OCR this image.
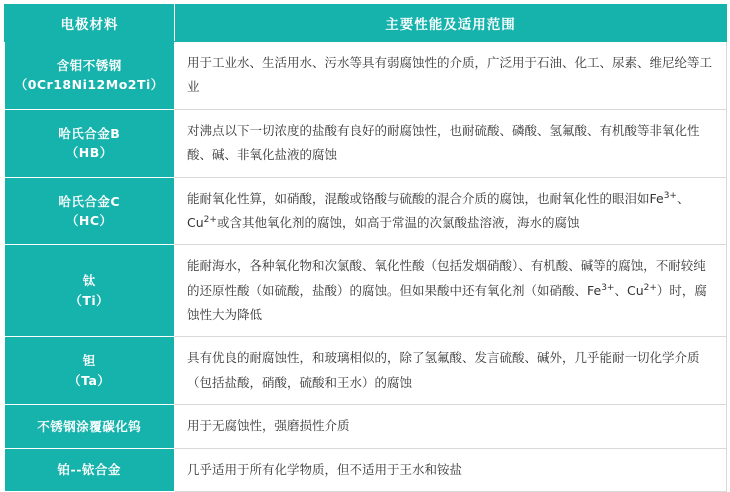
电极材料	主要性能及适用范围

含钼不锈钢
（0Cr18Ni12Mo2Ti）	用于工业水、生活用水、污水等具有弱腐蚀性的介质，广泛用于石油、化工、尿素、维尼纶等工业

哈氏合金B
（HB）	对沸点以下一切浓度的盐酸有良好的耐腐蚀性，也耐硫酸、磷酸、氢氟酸、有机酸等非氧化性酸、碱、非氧化盐液的腐蚀

哈氏合金C
（HC）	能耐氧化性算，如硝酸，混酸或铬酸与硫酸的混合介质的腐蚀，也耐氧化性的眼泪如$Fe^{3+}$、$Cu^{2+}$或含其他氧化剂的腐蚀，如高于常温的次氯酸盐溶液，海水的腐蚀

钛
（Ti）	能耐海水，各种氧化物和次氯酸、氧化性酸（包括发烟硝酸）、有机酸、碱等的腐蚀，不耐较纯的还原性酸（如硫酸，盐酸）的腐蚀。但如果酸中还有氧化剂（如硝酸、$Fe^{3+}$、$Cu^{2+}$）时，腐蚀性大为降低

钽
（Ta）	具有优良的耐腐蚀性，和玻璃相似的，除了氢氟酸、发言硫酸、碱外，几乎能耐一切化学介质（包括盐酸，硝酸，硫酸和王水）的腐蚀

不锈钢涂覆碳化钨	用于无腐蚀性，强磨损性介质

铂--铱合金	几乎适用于所有化学物质，但不适用于王水和铵盐
